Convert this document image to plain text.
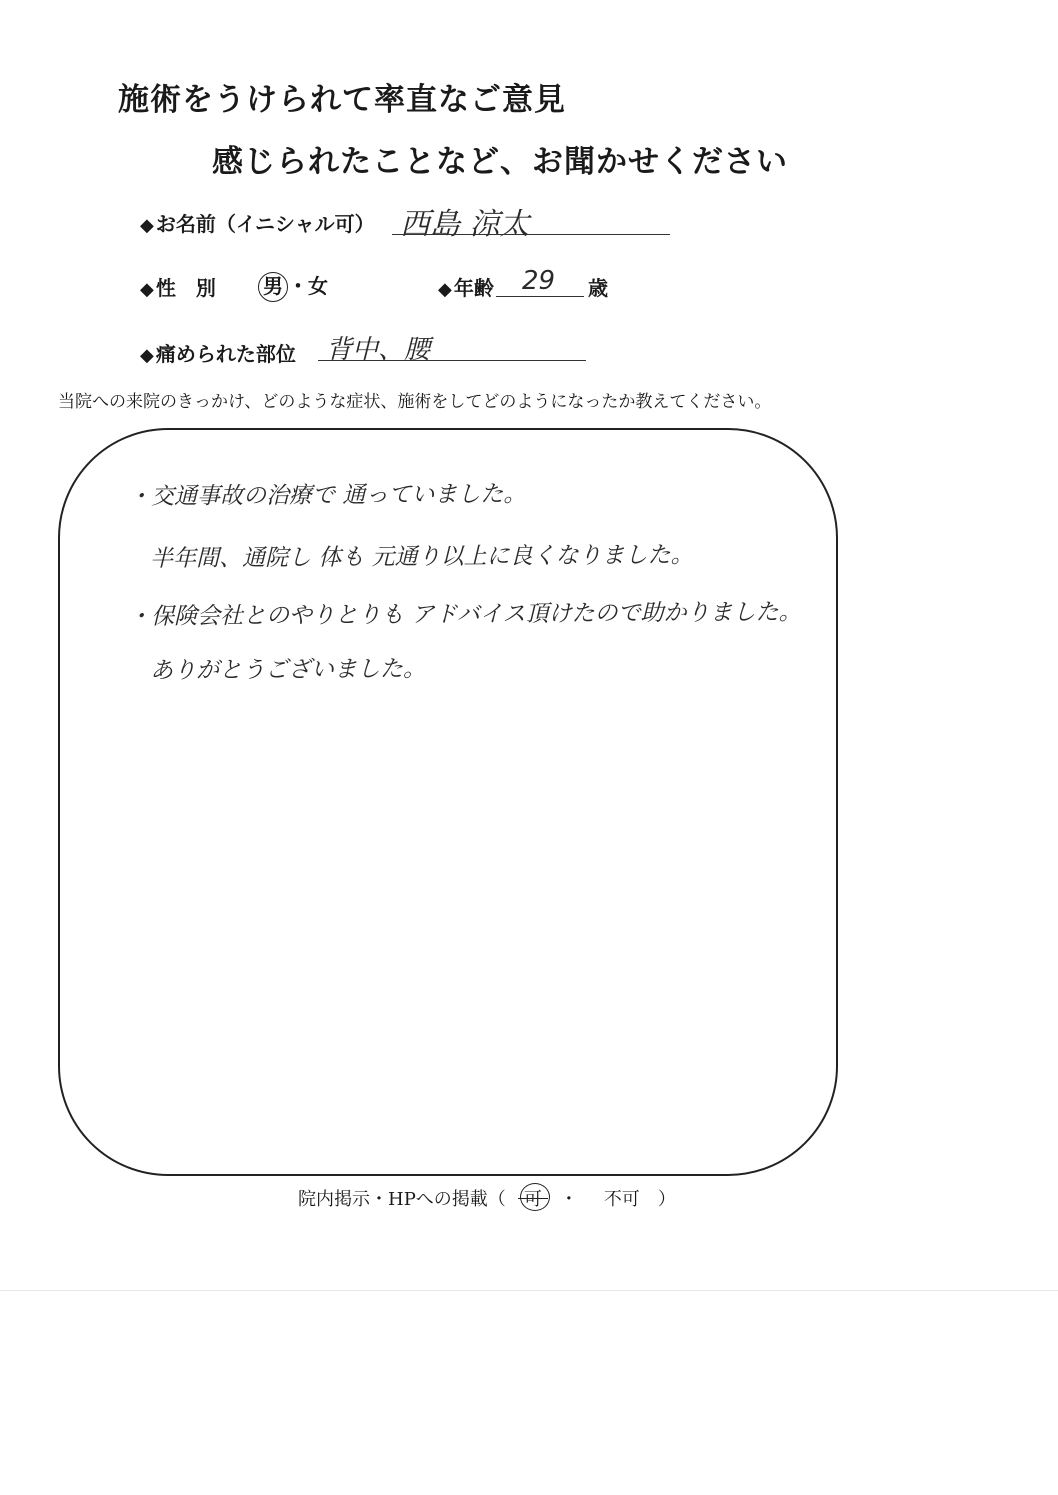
施術をうけられて率直なご意見
感じられたことなど、お聞かせください
◆ お名前（イニシャル可） 西島 涼太
◆ 性　別 男 ・女	◆ 年齢 29 歳
◆ 痛められた部位 背中、腰
当院への来院のきっかけ、どのような症状、施術をしてどのようになったか教えてください。
・交通事故の治療で 通っていました。
半年間、通院し 体も 元通り以上に良くなりました。
・保険会社とのやりとりも アドバイス頂けたので助かりました。
ありがとうございました。
院内掲示・HPへの掲載（ 可 ・ 不可 ）
